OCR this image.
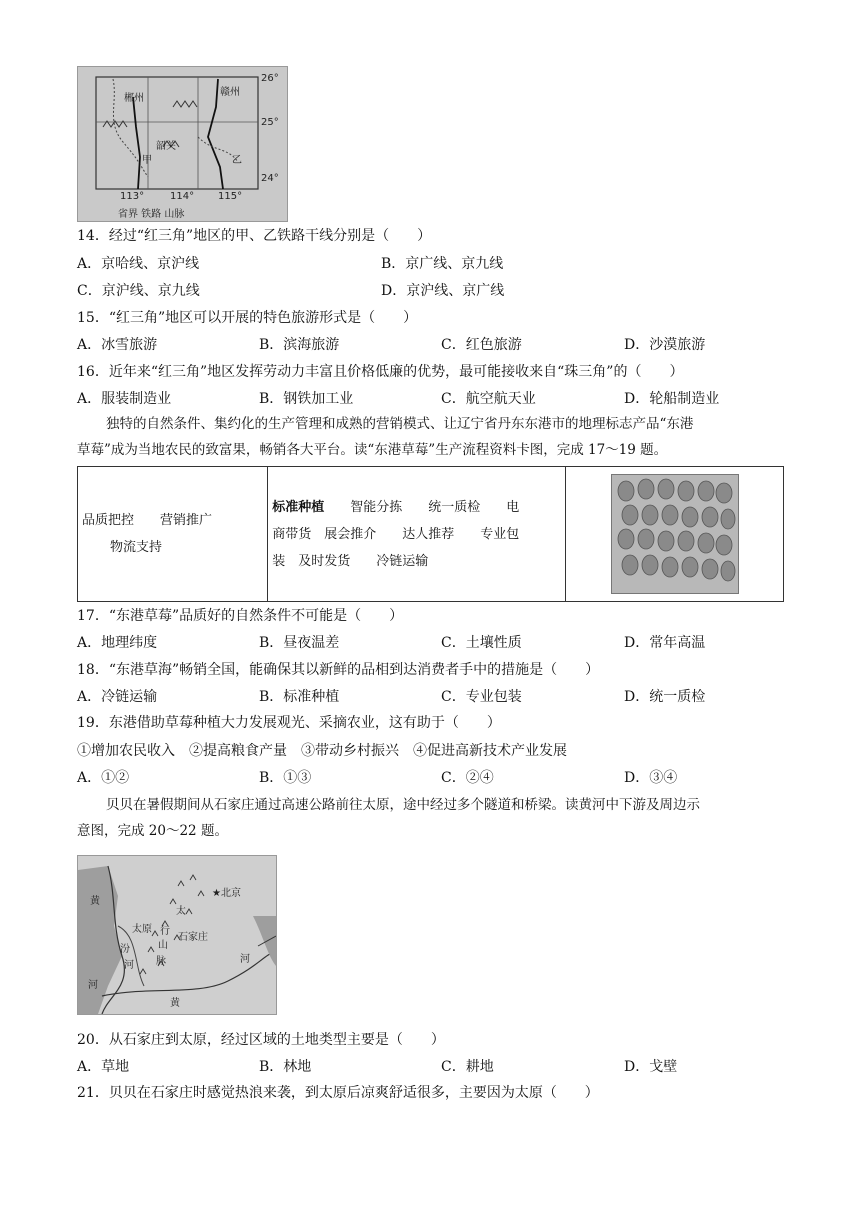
郴州
赣州
韶关
甲	乙
26°
25°
24°
113°	114° 115°
省界 铁路 山脉
14．经过“红三角”地区的甲、乙铁路干线分别是（　　）
A．京哈线、京沪线	B．京广线、京九线
C．京沪线、京九线	D．京沪线、京广线
15．“红三角”地区可以开展的特色旅游形式是（　　）
A．冰雪旅游	B．滨海旅游	C．红色旅游	D．沙漠旅游
16．近年来“红三角”地区发挥劳动力丰富且价格低廉的优势，最可能接收来自“珠三角”的（　　）
A．服装制造业	B．钢铁加工业	C．航空航天业	D．轮船制造业
独特的自然条件、集约化的生产管理和成熟的营销模式、让辽宁省丹东东港市的地理标志产品“东港
草莓”成为当地农民的致富果，畅销各大平台。读“东港草莓”生产流程资料卡图，完成 17～19 题。
品质把控　　营销推广
物流支持

标准种植　　智能分拣　　统一质检　　电
商带货　展会推介　　达人推荐　　专业包
装　及时发货　　冷链运输

17．“东港草莓”品质好的自然条件不可能是（　　）
A．地理纬度	B．昼夜温差	C．土壤性质	D．常年高温
18．“东港草海”畅销全国，能确保其以新鲜的品相到达消费者手中的措施是（　　）
A．冷链运输	B．标准种植	C．专业包装	D．统一质检
19．东港借助草莓种植大力发展观光、采摘农业，这有助于（　　）
①增加农民收入　②提高粮食产量　③带动乡村振兴　④促进高新技术产业发展
A．①②	B．①③	C．②④	D．③④
贝贝在暑假期间从石家庄通过高速公路前往太原，途中经过多个隧道和桥梁。读黄河中下游及周边示
意图，完成 20～22 题。
黄
★北京
太
太原 行
石家庄
山
脉
汾
河
河
河
黄
20．从石家庄到太原，经过区域的土地类型主要是（　　）
A．草地	B．林地	C．耕地	D．戈壁
21．贝贝在石家庄时感觉热浪来袭，到太原后凉爽舒适很多，主要因为太原（　　）
